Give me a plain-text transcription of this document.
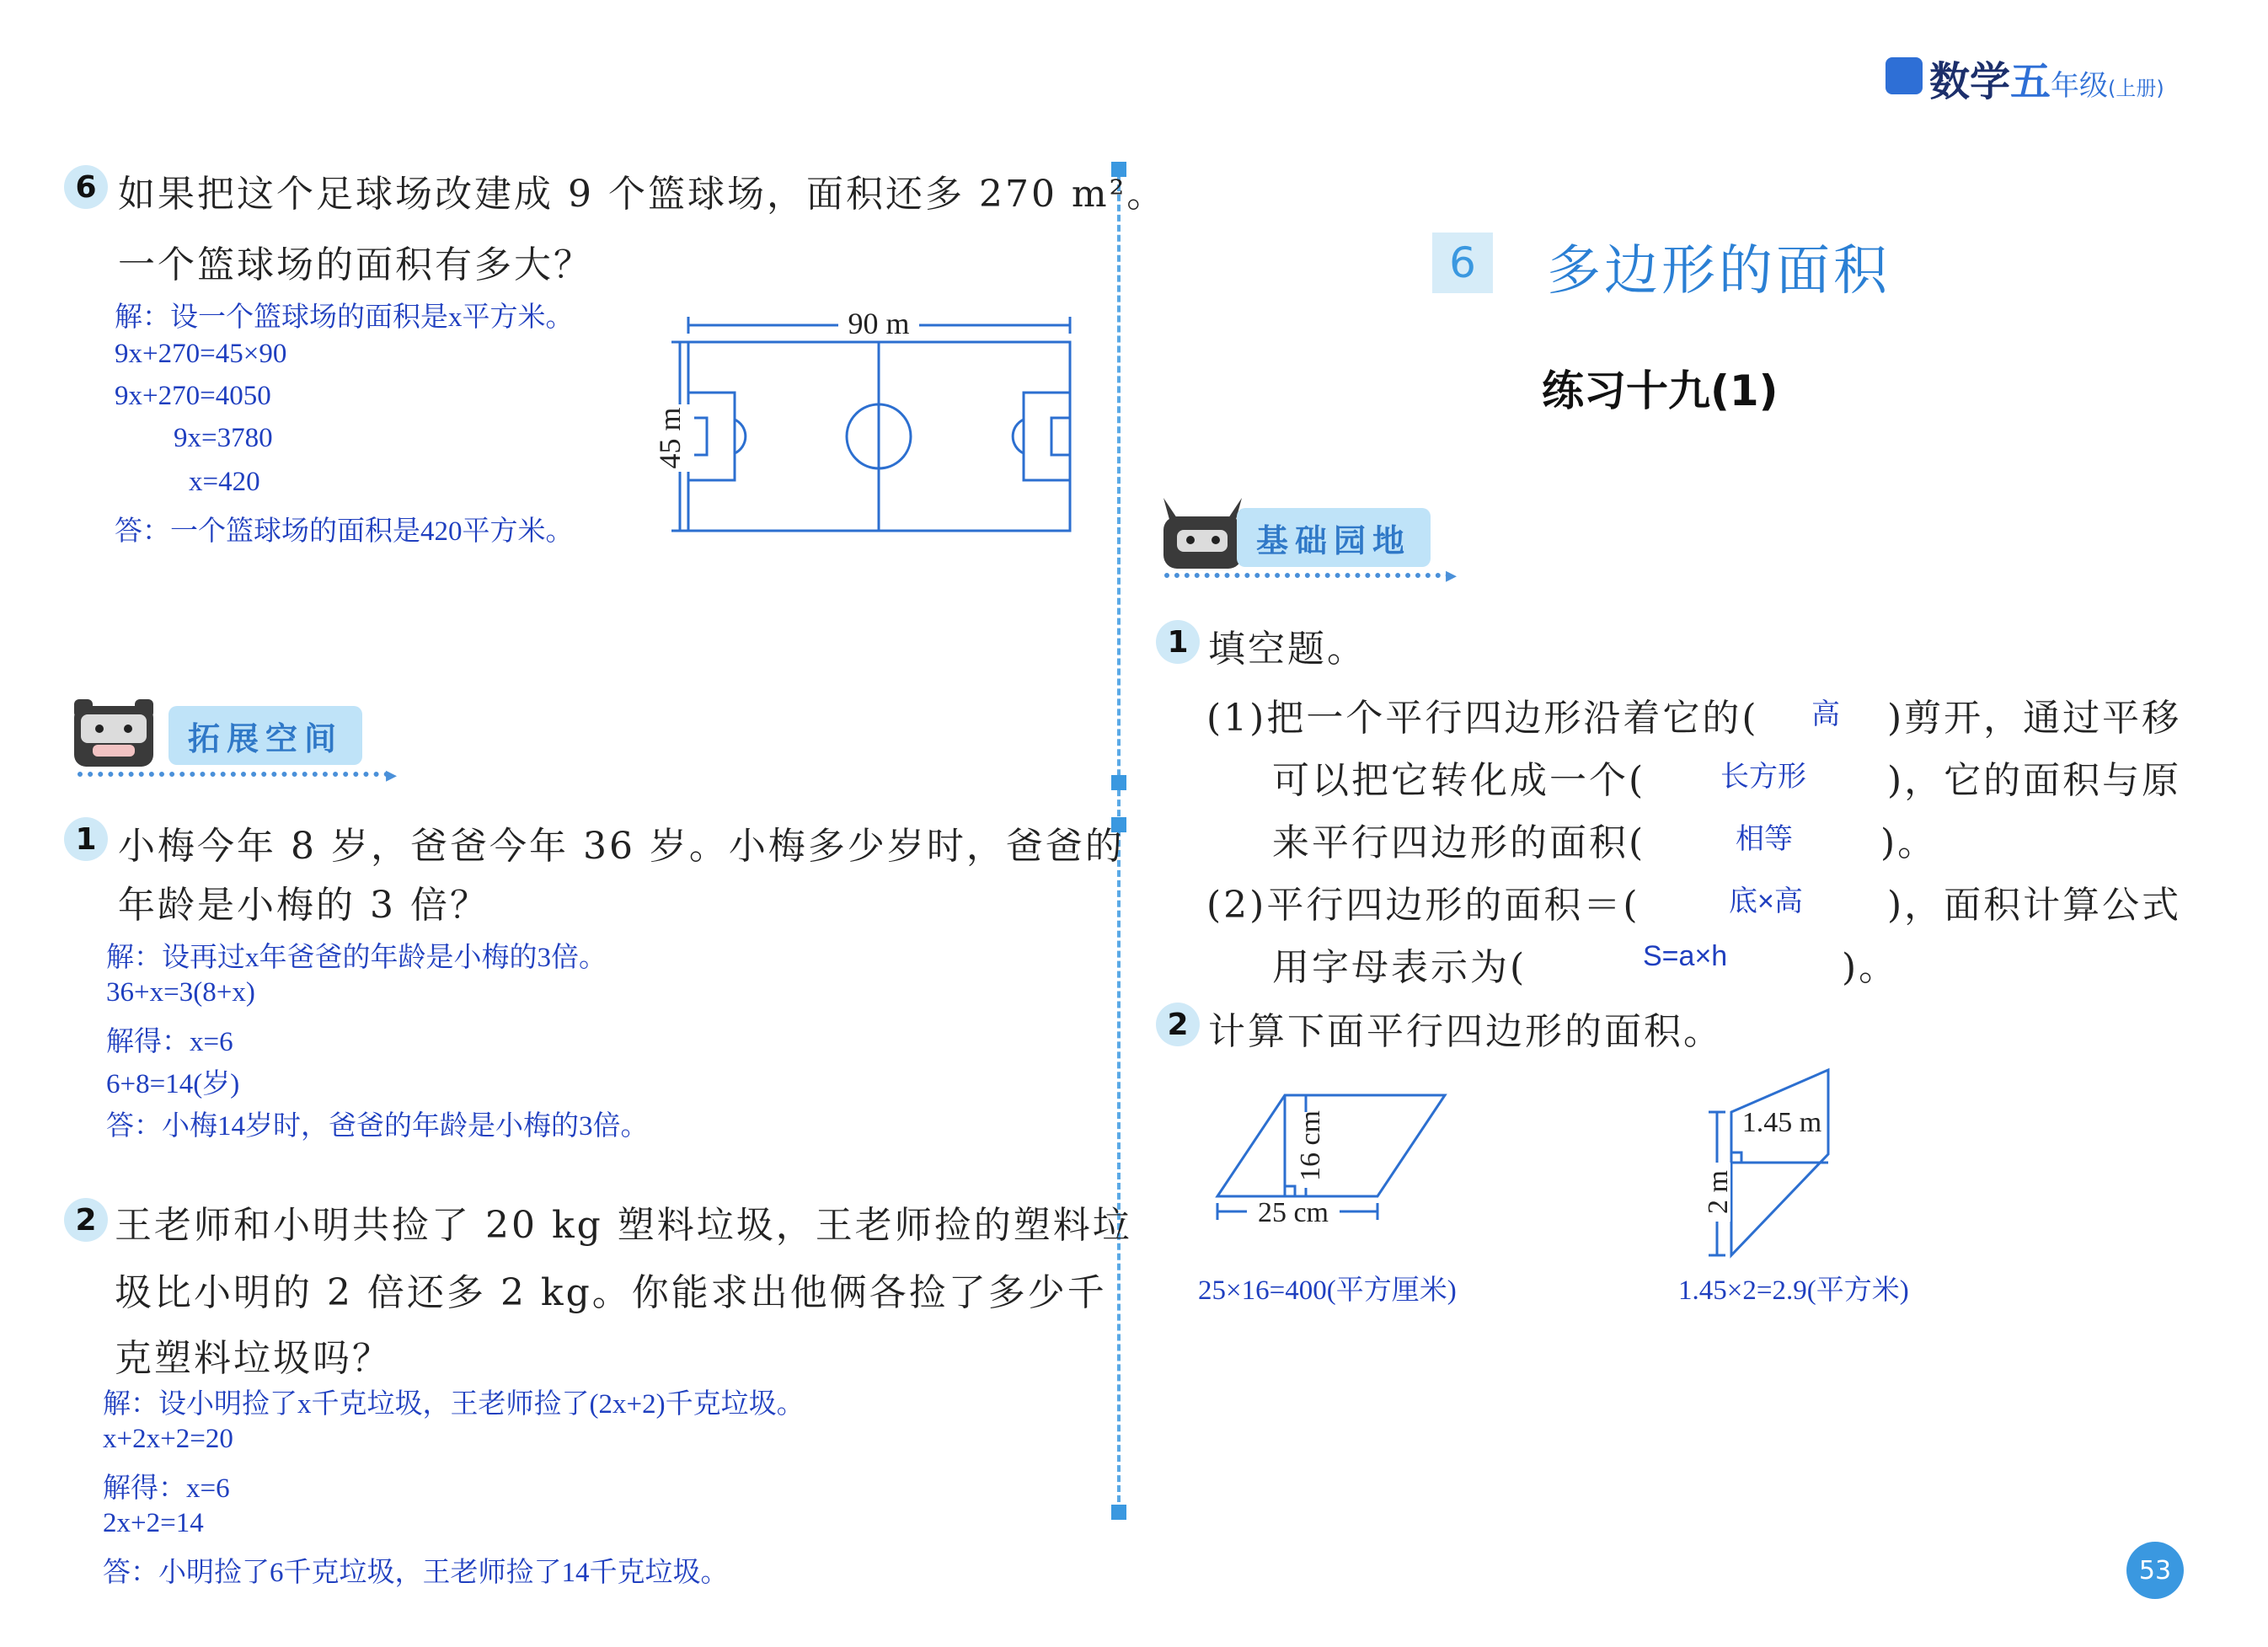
数学五年级(上册)
6 如果把这个足球场改建成 9 个篮球场，面积还多 270 m²。
一个篮球场的面积有多大？
解：设一个篮球场的面积是x平方米。
9x+270=45×90
9x+270=4050
9x=3780
x=420
答：一个篮球场的面积是420平方米。
90 m
45 m
拓展空间
▸
1 小梅今年 8 岁，爸爸今年 36 岁。小梅多少岁时，爸爸的
年龄是小梅的 3 倍？
解：设再过x年爸爸的年龄是小梅的3倍。
36+x=3(8+x)
解得：x=6
6+8=14(岁)
答：小梅14岁时，爸爸的年龄是小梅的3倍。
2 王老师和小明共捡了 20 kg 塑料垃圾，王老师捡的塑料垃
圾比小明的 2 倍还多 2 kg。你能求出他俩各捡了多少千
克塑料垃圾吗？
解：设小明捡了x千克垃圾，王老师捡了(2x+2)千克垃圾。
x+2x+2=20
解得：x=6
2x+2=14
答：小明捡了6千克垃圾，王老师捡了14千克垃圾。
6	多边形的面积
练习十九(1)
基础园地
▸
1 填空题。
(1)把一个平行四边形沿着它的( 高 )剪开，通过平移
可以把它转化成一个(	长方形 )，它的面积与原
来平行四边形的面积(	相等 )。
(2)平行四边形的面积＝(	底×高 )，面积计算公式
用字母表示为(	S=a×h	)。
2 计算下面平行四边形的面积。
25 cm
16 cm
25×16=400(平方厘米)
1.45 m
2 m
1.45×2=2.9(平方米)
53
